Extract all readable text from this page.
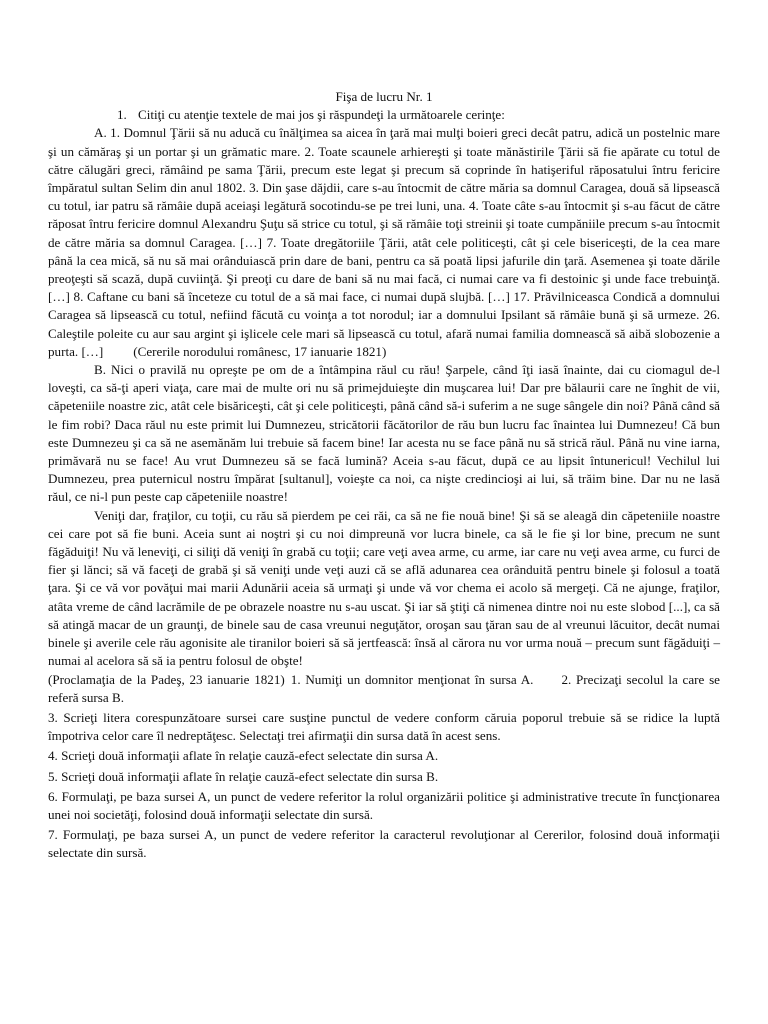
Fişa de lucru Nr. 1

1. Citiţi cu atenţie textele de mai jos şi răspundeţi la următoarele cerinţe:

A. 1. Domnul Ţării să nu aducă cu înălţimea sa aicea în ţară mai mulţi boieri greci decât patru, adică un postelnic mare şi un cămăraş şi un portar şi un grămatic mare. 2. Toate scaunele arhiereşti şi toate mănăstirile Ţării să fie apărate cu totul de către călugări greci, rămâind pe sama Ţării, precum este legat şi precum să coprinde în hatişeriful răposatului întru fericire împăratul sultan Selim din anul 1802. 3. Din şase dăjdii, care s-au întocmit de către măria sa domnul Caragea, două să lipsească cu totul, iar patru să rămâie după aceiaşi legătură socotindu-se pe trei luni, una. 4. Toate câte s-au întocmit şi s-au făcut de către răposat întru fericire domnul Alexandru Şuţu să strice cu totul, şi să rămâie toţi streinii şi toate cumpăniile precum s-au întocmit de către măria sa domnul Caragea. […] 7. Toate dregătoriile Ţării, atât cele politiceşti, cât şi cele bisericeşti, de la cea mare până la cea mică, să nu să mai orânduiască prin dare de bani, pentru ca să poată lipsi jafurile din ţară. Asemenea şi toate dările preoţeşti să scază, după cuviinţă. Şi preoţi cu dare de bani să nu mai facă, ci numai care va fi destoinic şi unde face trebuinţă. […] 8. Caftane cu bani să înceteze cu totul de a să mai face, ci numai după slujbă. […] 17. Prăvilniceasca Condică a domnului Caragea să lipsească cu totul, nefiind făcută cu voinţa a tot norodul; iar a domnului Ipsilant să rămâie bună şi să urmeze. 26. Caleştile poleite cu aur sau argint şi işlicele cele mari să lipsească cu totul, afară numai familia domnească să aibă slobozenie a purta. […] (Cererile norodului românesc, 17 ianuarie 1821)

B. Nici o pravilă nu opreşte pe om de a întâmpina răul cu rău! Şarpele, când îţi iasă înainte, dai cu ciomagul de-l loveşti, ca să-ţi aperi viaţa, care mai de multe ori nu să primejduieşte din muşcarea lui! Dar pre bălaurii care ne înghit de vii, căpeteniile noastre zic, atât cele bisăriceşti, cât şi cele politiceşti, până când să-i suferim a ne suge sângele din noi? Până când să le fim robi? Daca răul nu este primit lui Dumnezeu, stricătorii făcătorilor de rău bun lucru fac înaintea lui Dumnezeu! Că bun este Dumnezeu şi ca să ne asemănăm lui trebuie să facem bine! Iar acesta nu se face până nu să strică răul. Până nu vine iarna, primăvară nu se face! Au vrut Dumnezeu să se facă lumină? Aceia s-au făcut, după ce au lipsit întunericul! Vechilul lui Dumnezeu, prea puternicul nostru împărat [sultanul], voieşte ca noi, ca nişte credincioşi ai lui, să trăim bine. Dar nu ne lasă răul, ce ni-l pun peste cap căpeteniile noastre!

Veniţi dar, fraţilor, cu toţii, cu rău să pierdem pe cei răi, ca să ne fie nouă bine! Şi să se aleagă din căpeteniile noastre cei care pot să fie buni. Aceia sunt ai noştri şi cu noi dimpreună vor lucra binele, ca să le fie şi lor bine, precum ne sunt făgăduiţi! Nu vă leneviţi, ci siliţi dă veniţi în grabă cu toţii; care veţi avea arme, cu arme, iar care nu veţi avea arme, cu furci de fier şi lănci; să vă faceţi de grabă şi să veniţi unde veţi auzi că se află adunarea cea orânduită pentru binele şi folosul a toată ţara. Şi ce vă vor povăţui mai marii Adunării aceia să urmaţi şi unde vă vor chema ei acolo să mergeţi. Că ne ajunge, fraţilor, atâta vreme de când lacrămile de pe obrazele noastre nu s-au uscat. Şi iar să ştiţi că nimenea dintre noi nu este slobod [...], ca să să atingă macar de un graunţi, de binele sau de casa vreunui neguţător, oroşan sau ţăran sau de al vreunui lăcuitor, decât numai binele şi averile cele rău agonisite ale tiranilor boieri să să jertfească: însă al cărora nu vor urma nouă – precum sunt făgăduiţi – numai al acelora să să ia pentru folosul de obşte!

(Proclamaţia de la Padeş, 23 ianuarie 1821) 1. Numiţi un domnitor menţionat în sursa A. 2. Precizaţi secolul la care se referă sursa B.

3. Scrieţi litera corespunzătoare sursei care susţine punctul de vedere conform căruia poporul trebuie să se ridice la luptă împotriva celor care îl nedreptăţesc. Selectaţi trei afirmaţii din sursa dată în acest sens.

4. Scrieţi două informaţii aflate în relaţie cauză-efect selectate din sursa A.

5. Scrieţi două informaţii aflate în relaţie cauză-efect selectate din sursa B.

6. Formulaţi, pe baza sursei A, un punct de vedere referitor la rolul organizării politice şi administrative trecute în funcţionarea unei noi societăţi, folosind două informaţii selectate din sursă.

7. Formulaţi, pe baza sursei A, un punct de vedere referitor la caracterul revoluţionar al Cererilor, folosind două informaţii selectate din sursă.
